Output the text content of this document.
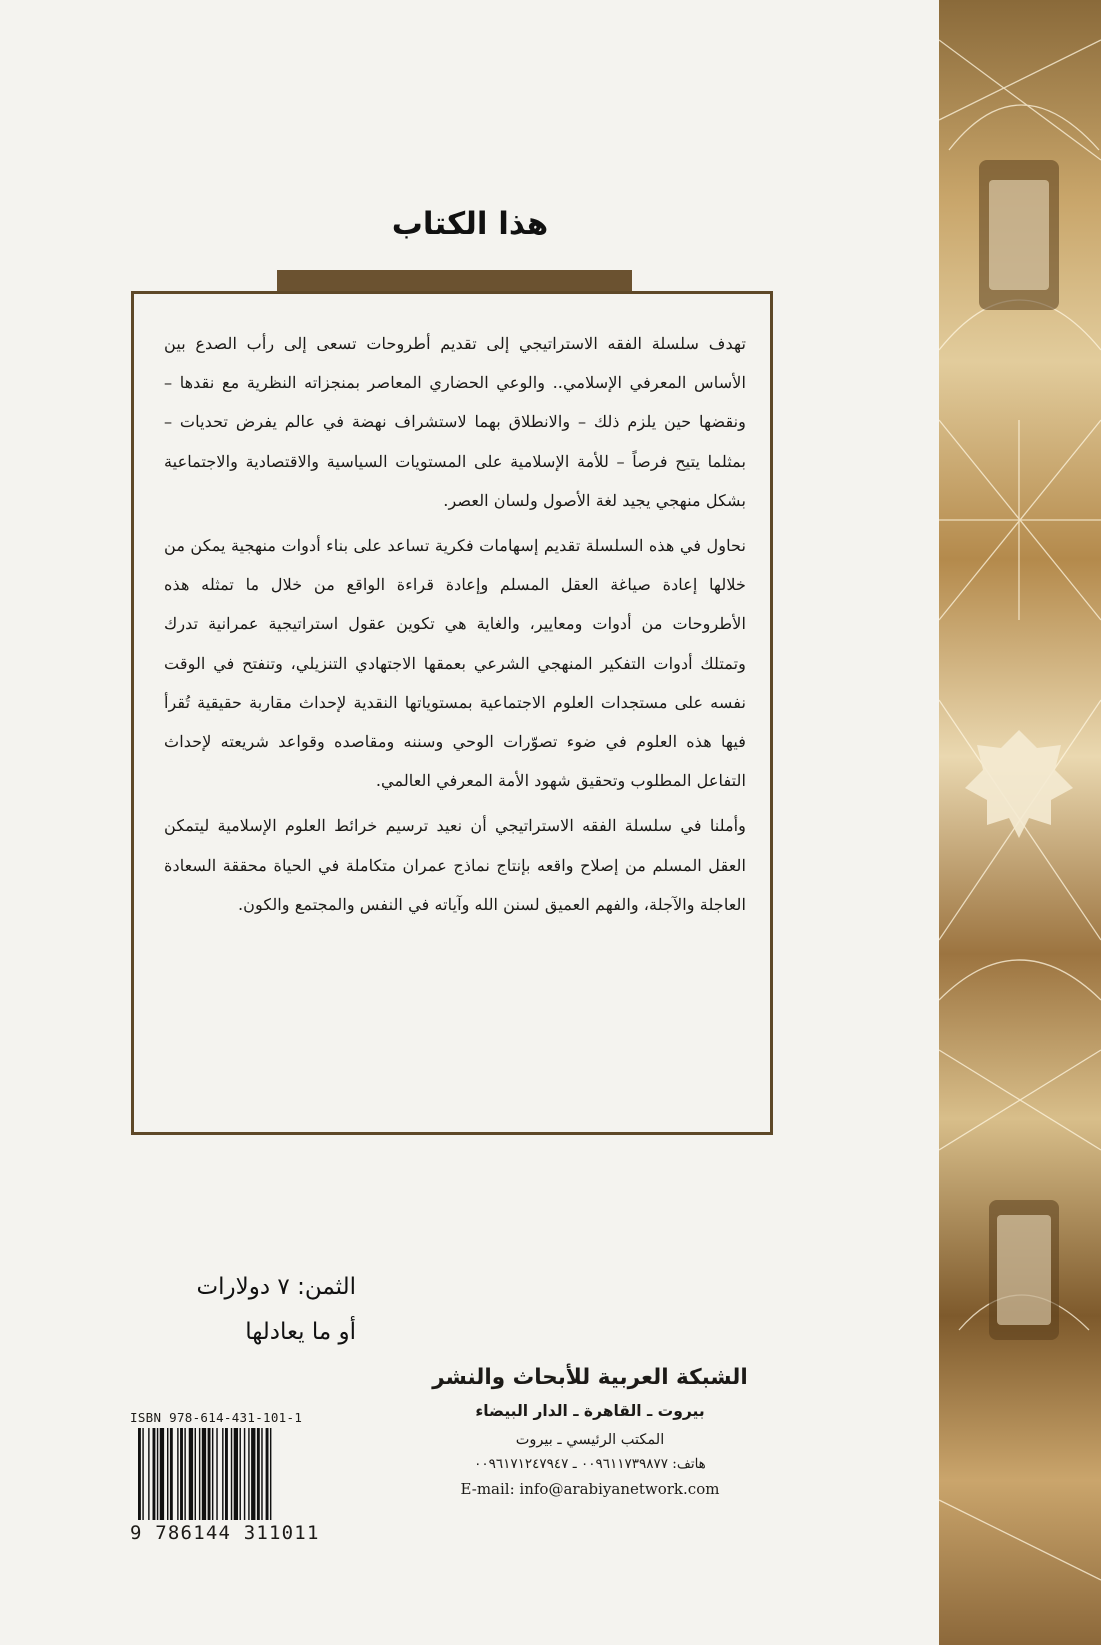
هذا الكتاب

تهدف سلسلة الفقه الاستراتيجي إلى تقديم أطروحات تسعى إلى رأب الصدع بين الأساس المعرفي الإسلامي.. والوعي الحضاري المعاصر بمنجزاته النظرية مع نقدها – ونقضها حين يلزم ذلك – والانطلاق بهما لاستشراف نهضة في عالم يفرض تحديات – بمثلما يتيح فرصاً – للأمة الإسلامية على المستويات السياسية والاقتصادية والاجتماعية بشكل منهجي يجيد لغة الأصول ولسان العصر.

نحاول في هذه السلسلة تقديم إسهامات فكرية تساعد على بناء أدوات منهجية يمكن من خلالها إعادة صياغة العقل المسلم وإعادة قراءة الواقع من خلال ما تمثله هذه الأطروحات من أدوات ومعايير، والغاية هي تكوين عقول استراتيجية عمرانية تدرك وتمتلك أدوات التفكير المنهجي الشرعي بعمقها الاجتهادي التنزيلي، وتنفتح في الوقت نفسه على مستجدات العلوم الاجتماعية بمستوياتها النقدية لإحداث مقاربة حقيقية تُقرأ فيها هذه العلوم في ضوء تصوّرات الوحي وسننه ومقاصده وقواعد شريعته لإحداث التفاعل المطلوب وتحقيق شهود الأمة المعرفي العالمي.

وأملنا في سلسلة الفقه الاستراتيجي أن نعيد ترسيم خرائط العلوم الإسلامية ليتمكن العقل المسلم من إصلاح واقعه بإنتاج نماذج عمران متكاملة في الحياة محققة السعادة العاجلة والآجلة، والفهم العميق لسنن الله وآياته في النفس والمجتمع والكون.

الثمن: ٧ دولارات
أو ما يعادلها
الشبكة العربية للأبحاث والنشر
بيروت ـ القاهرة ـ الدار البيضاء
المكتب الرئيسي ـ بيروت
هاتف: ٠٠٩٦١١٧٣٩٨٧٧ ـ ٠٠٩٦١٧١٢٤٧٩٤٧
E-mail: info@arabiyanetwork.com
ISBN 978-614-431-101-1
9 786144 311011
